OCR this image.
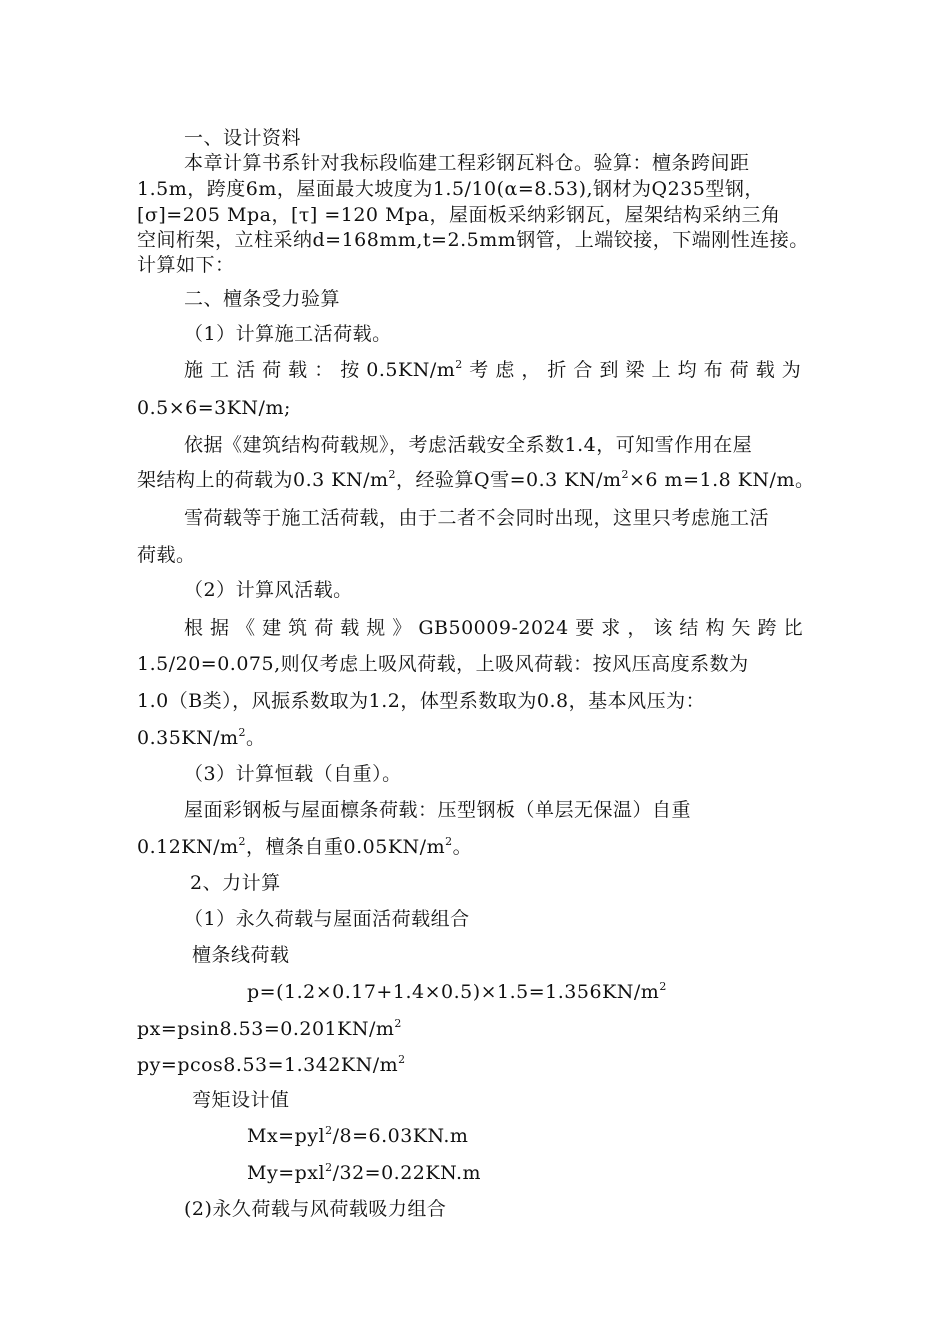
一、设计资料
本章计算书系针对我标段临建工程彩钢瓦料仓。验算：檀条跨间距
1.5m，跨度6m，屋面最大坡度为1.5/10(α=8.53),钢材为Q235型钢，
[σ]=205 Mpa，[τ] =120 Mpa，屋面板采纳彩钢瓦，屋架结构采纳三角
空间桁架，立柱采纳d=168mm,t=2.5mm钢管，上端铰接，下端刚性连接。
计算如下：
二、檀条受力验算
（1）计算施工活荷载。
施 工 活 荷 载 ： 按 $0.5KN/m^2$ 考 虑 ， 折 合 到 梁 上 均 布 荷 载 为
0.5×6=3KN/m;
依据《建筑结构荷载规》，考虑活载安全系数1.4，可知雪作用在屋
架结构上的荷载为0.3 $KN/m^2$，经验算Q雪=0.3 $KN/m^2\times 6$ m=1.8 KN/m。
雪荷载等于施工活荷载，由于二者不会同时出现，这里只考虑施工活
荷载。
（2）计算风活载。
根 据 《 建 筑 荷 载 规 》 GB50009-2024 要 求 ， 该 结 构 矢 跨 比
1.5/20=0.075,则仅考虑上吸风荷载，上吸风荷载：按风压高度系数为
1.0（B类），风振系数取为1.2，体型系数取为0.8，基本风压为：
$0.35KN/m^2$。
（3）计算恒载（自重）。
屋面彩钢板与屋面檩条荷载：压型钢板（单层无保温）自重
$0.12KN/m^2$，檀条自重$0.05KN/m^2$。
2、力计算
（1）永久荷载与屋面活荷载组合
檀条线荷载
$p=(1.2\times 0.17+1.4\times 0.5)\times 1.5=1.356KN/m^2$
$px=psin8.53=0.201KN/m^2$
$py=pcos8.53=1.342KN/m^2$
弯矩设计值
Mx=pyl$^2$/8=6.03KN.m
My=pxl$^2$/32=0.22KN.m
(2)永久荷载与风荷载吸力组合
